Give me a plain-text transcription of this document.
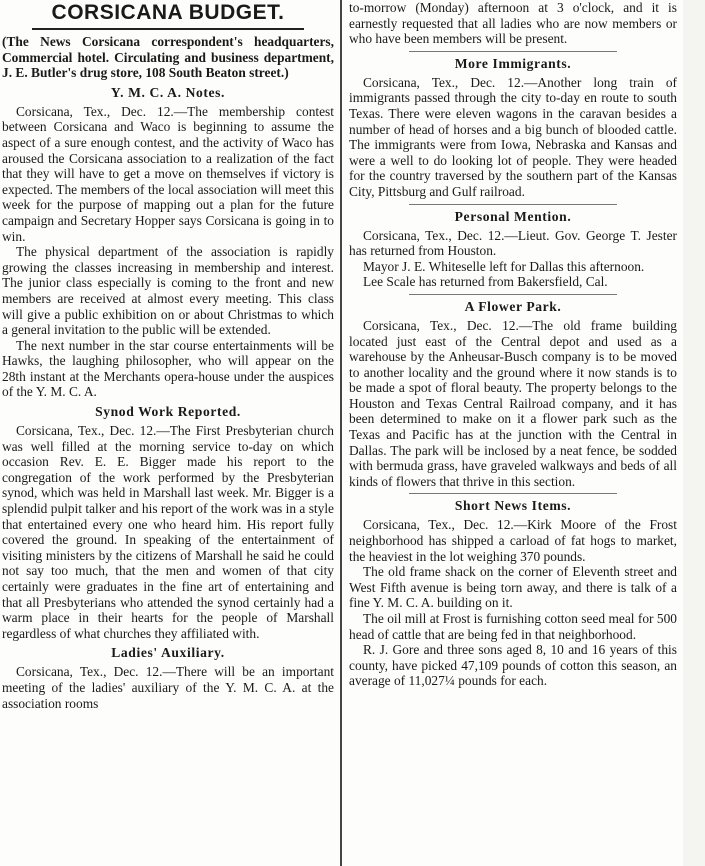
CORSICANA BUDGET.

(The News Corsicana correspondent's headquarters, Commercial hotel. Circulating and business department, J. E. Butler's drug store, 108 South Beaton street.)

Y. M. C. A. Notes.

Corsicana, Tex., Dec. 12.—The membership contest between Corsicana and Waco is beginning to assume the aspect of a sure enough contest, and the activity of Waco has aroused the Corsicana association to a realization of the fact that they will have to get a move on themselves if victory is expected. The members of the local association will meet this week for the purpose of mapping out a plan for the future campaign and Secretary Hopper says Corsicana is going in to win.

The physical department of the association is rapidly growing the classes increasing in membership and interest. The junior class especially is coming to the front and new members are received at almost every meeting. This class will give a public exhibition on or about Christmas to which a general invitation to the public will be extended.

The next number in the star course entertainments will be Hawks, the laughing philosopher, who will appear on the 28th instant at the Merchants opera-house under the auspices of the Y. M. C. A.

Synod Work Reported.

Corsicana, Tex., Dec. 12.—The First Presbyterian church was well filled at the morning service to-day on which occasion Rev. E. E. Bigger made his report to the congregation of the work performed by the Presbyterian synod, which was held in Marshall last week. Mr. Bigger is a splendid pulpit talker and his report of the work was in a style that entertained every one who heard him. His report fully covered the ground. In speaking of the entertainment of visiting ministers by the citizens of Marshall he said he could not say too much, that the men and women of that city certainly were graduates in the fine art of entertaining and that all Presbyterians who attended the synod certainly had a warm place in their hearts for the people of Marshall regardless of what churches they affiliated with.

Ladies' Auxiliary.

Corsicana, Tex., Dec. 12.—There will be an important meeting of the ladies' auxiliary of the Y. M. C. A. at the association rooms

to-morrow (Monday) afternoon at 3 o'clock, and it is earnestly requested that all ladies who are now members or who have been members will be present.

More Immigrants.

Corsicana, Tex., Dec. 12.—Another long train of immigrants passed through the city to-day en route to south Texas. There were eleven wagons in the caravan besides a number of head of horses and a big bunch of blooded cattle. The immigrants were from Iowa, Nebraska and Kansas and were a well to do looking lot of people. They were headed for the country traversed by the southern part of the Kansas City, Pittsburg and Gulf railroad.

Personal Mention.

Corsicana, Tex., Dec. 12.—Lieut. Gov. George T. Jester has returned from Houston.

Mayor J. E. Whiteselle left for Dallas this afternoon.

Lee Scale has returned from Bakersfield, Cal.

A Flower Park.

Corsicana, Tex., Dec. 12.—The old frame building located just east of the Central depot and used as a warehouse by the Anheusar-Busch company is to be moved to another locality and the ground where it now stands is to be made a spot of floral beauty. The property belongs to the Houston and Texas Central Railroad company, and it has been determined to make on it a flower park such as the Texas and Pacific has at the junction with the Central in Dallas. The park will be inclosed by a neat fence, be sodded with bermuda grass, have graveled walkways and beds of all kinds of flowers that thrive in this section.

Short News Items.

Corsicana, Tex., Dec. 12.—Kirk Moore of the Frost neighborhood has shipped a carload of fat hogs to market, the heaviest in the lot weighing 370 pounds.

The old frame shack on the corner of Eleventh street and West Fifth avenue is being torn away, and there is talk of a fine Y. M. C. A. building on it.

The oil mill at Frost is furnishing cotton seed meal for 500 head of cattle that are being fed in that neighborhood.

R. J. Gore and three sons aged 8, 10 and 16 years of this county, have picked 47,109 pounds of cotton this season, an average of 11,027¼ pounds for each.
